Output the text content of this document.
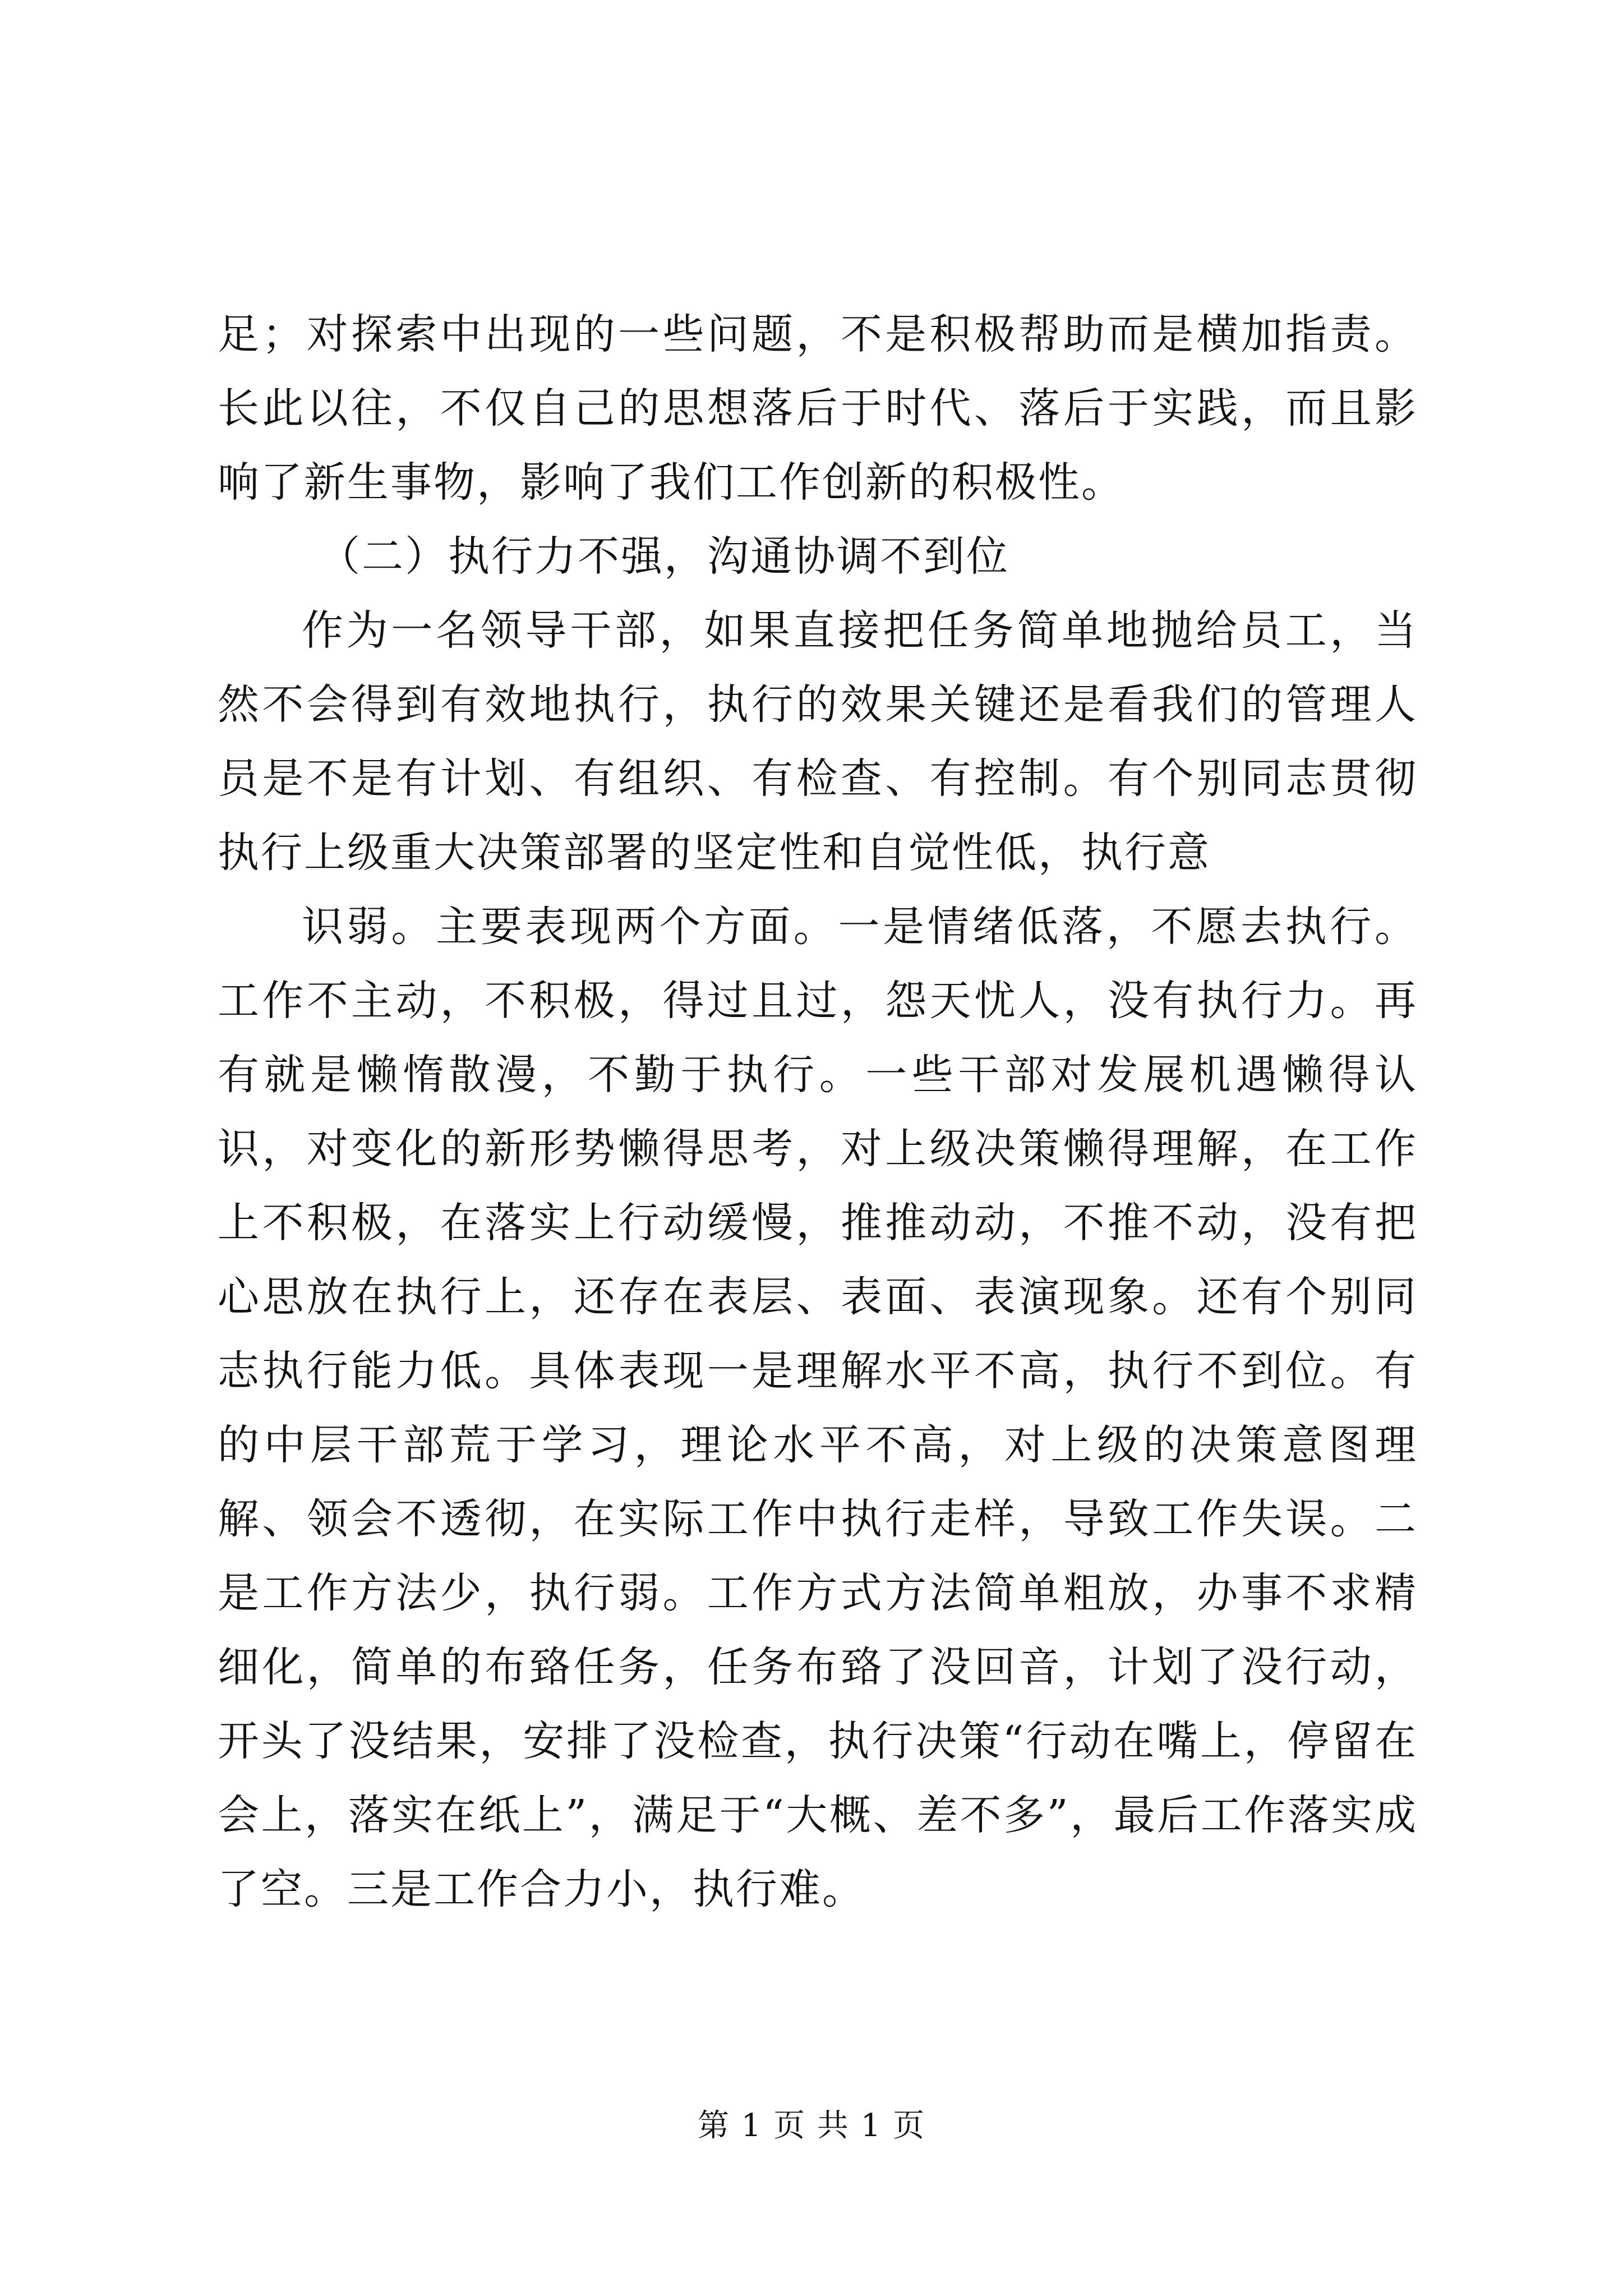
足；对探索中出现的一些问题，不是积极帮助而是横加指责。长此以往，不仅自己的思想落后于时代、落后于实践，而且影响了新生事物，影响了我们工作创新的积极性。

（二）执行力不强，沟通协调不到位

作为一名领导干部，如果直接把任务简单地抛给员工，当然不会得到有效地执行，执行的效果关键还是看我们的管理人员是不是有计划、有组织、有检查、有控制。有个别同志贯彻执行上级重大决策部署的坚定性和自觉性低，执行意

识弱。主要表现两个方面。一是情绪低落，不愿去执行。工作不主动，不积极，得过且过，怨天忧人，没有执行力。再有就是懒惰散漫，不勤于执行。一些干部对发展机遇懒得认识，对变化的新形势懒得思考，对上级决策懒得理解，在工作上不积极，在落实上行动缓慢，推推动动，不推不动，没有把心思放在执行上，还存在表层、表面、表演现象。还有个别同志执行能力低。具体表现一是理解水平不高，执行不到位。有的中层干部荒于学习，理论水平不高，对上级的决策意图理解、领会不透彻，在实际工作中执行走样，导致工作失误。二是工作方法少，执行弱。工作方式方法简单粗放，办事不求精细化，简单的布臵任务，任务布臵了没回音，计划了没行动，开头了没结果，安排了没检查，执行决策“行动在嘴上，停留在会上，落实在纸上”，满足于“大概、差不多”，最后工作落实成了空。三是工作合力小，执行难。

第 1 页 共 1 页
